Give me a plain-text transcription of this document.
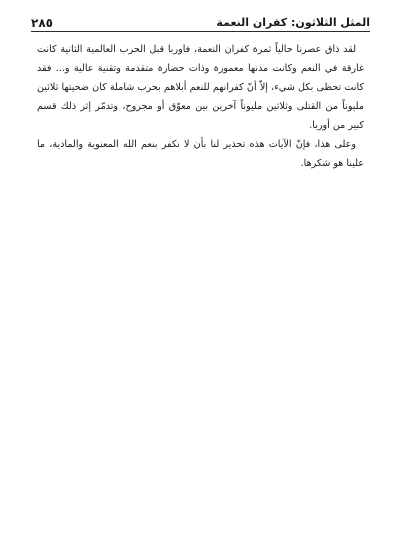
المثل الثلاثون: كفران النعمة
٢٨٥

لقد ذاق عصرنا حالياً ثمرة كفران النعمة، فاوربا قبل الحرب العالمية الثانية كانت غارقة في النعم وكانت مدنها معمورة وذات حضارة متقدمة وتقنية عالية و... فقد كانت تحظى بكل شيء، إلاّ أنّ كفرانهم للنعم أبلاهم بحرب شاملة كان ضحيتها ثلاثين مليوناً من القتلى وثلاثين مليوناً آخرين بين معوّق أو مجروح، وتدمّر إثر ذلك قسم كبير من أوربا.

وعلى هذا، فإنّ الآيات هذه تحذير لنا بأن لا نكفر بنعم الله المعنوية والمادية، ما علينا هو شكرها.
